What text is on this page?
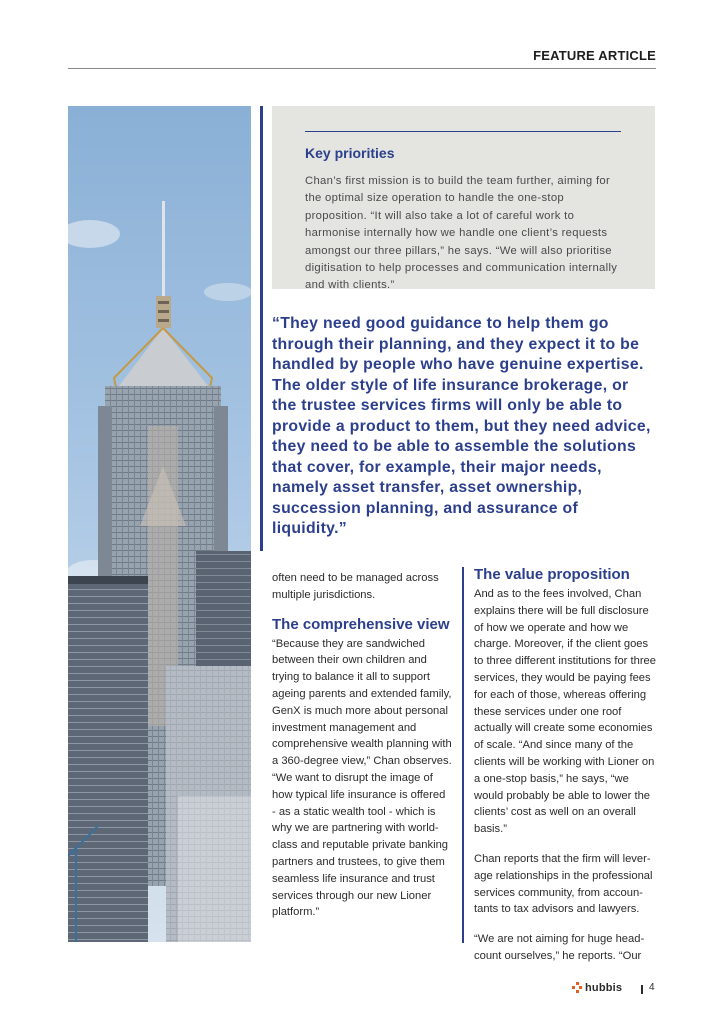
FEATURE ARTICLE
Key priorities
Chan’s first mission is to build the team further, aiming for the optimal size operation to handle the one-stop proposition. “It will also take a lot of careful work to harmonise internally how we handle one client’s requests amongst our three pillars,” he says. “We will also prioritise digitisation to help processes and communication internally and with clients.”
“They need good guidance to help them go through their planning, and they expect it to be handled by people who have genuine expertise. The older style of life insurance brokerage, or the trustee services firms will only be able to provide a product to them, but they need advice, they need to be able to assemble the solutions that cover, for example, their major needs, namely asset transfer, asset ownership, succession planning, and assurance of liquidity.”

often need to be managed across multiple jurisdictions.

The comprehensive view

“Because they are sandwiched between their own children and trying to balance it all to support ageing parents and extended family, GenX is much more about personal investment management and comprehensive wealth planning with a 360-degree view,” Chan observes. “We want to disrupt the image of how typical life insurance is offered - as a static wealth tool - which is why we are partnering with world-class and reputable private banking partners and trustees, to give them seamless life insurance and trust services through our new Lioner platform.”

The value proposition

And as to the fees involved, Chan explains there will be full disclosure of how we operate and how we charge. Moreover, if the client goes to three different institutions for three services, they would be paying fees for each of those, whereas offering these services under one roof actually will create some economies of scale. “And since many of the clients will be working with Lioner on a one-stop basis,” he says, “we would probably be able to lower the clients’ cost as well on an overall basis.”

Chan reports that the firm will leverage relationships in the professional services community, from accountants to tax advisors and lawyers.

“We are not aiming for huge headcount ourselves,” he reports. “Our

hubbis	4
